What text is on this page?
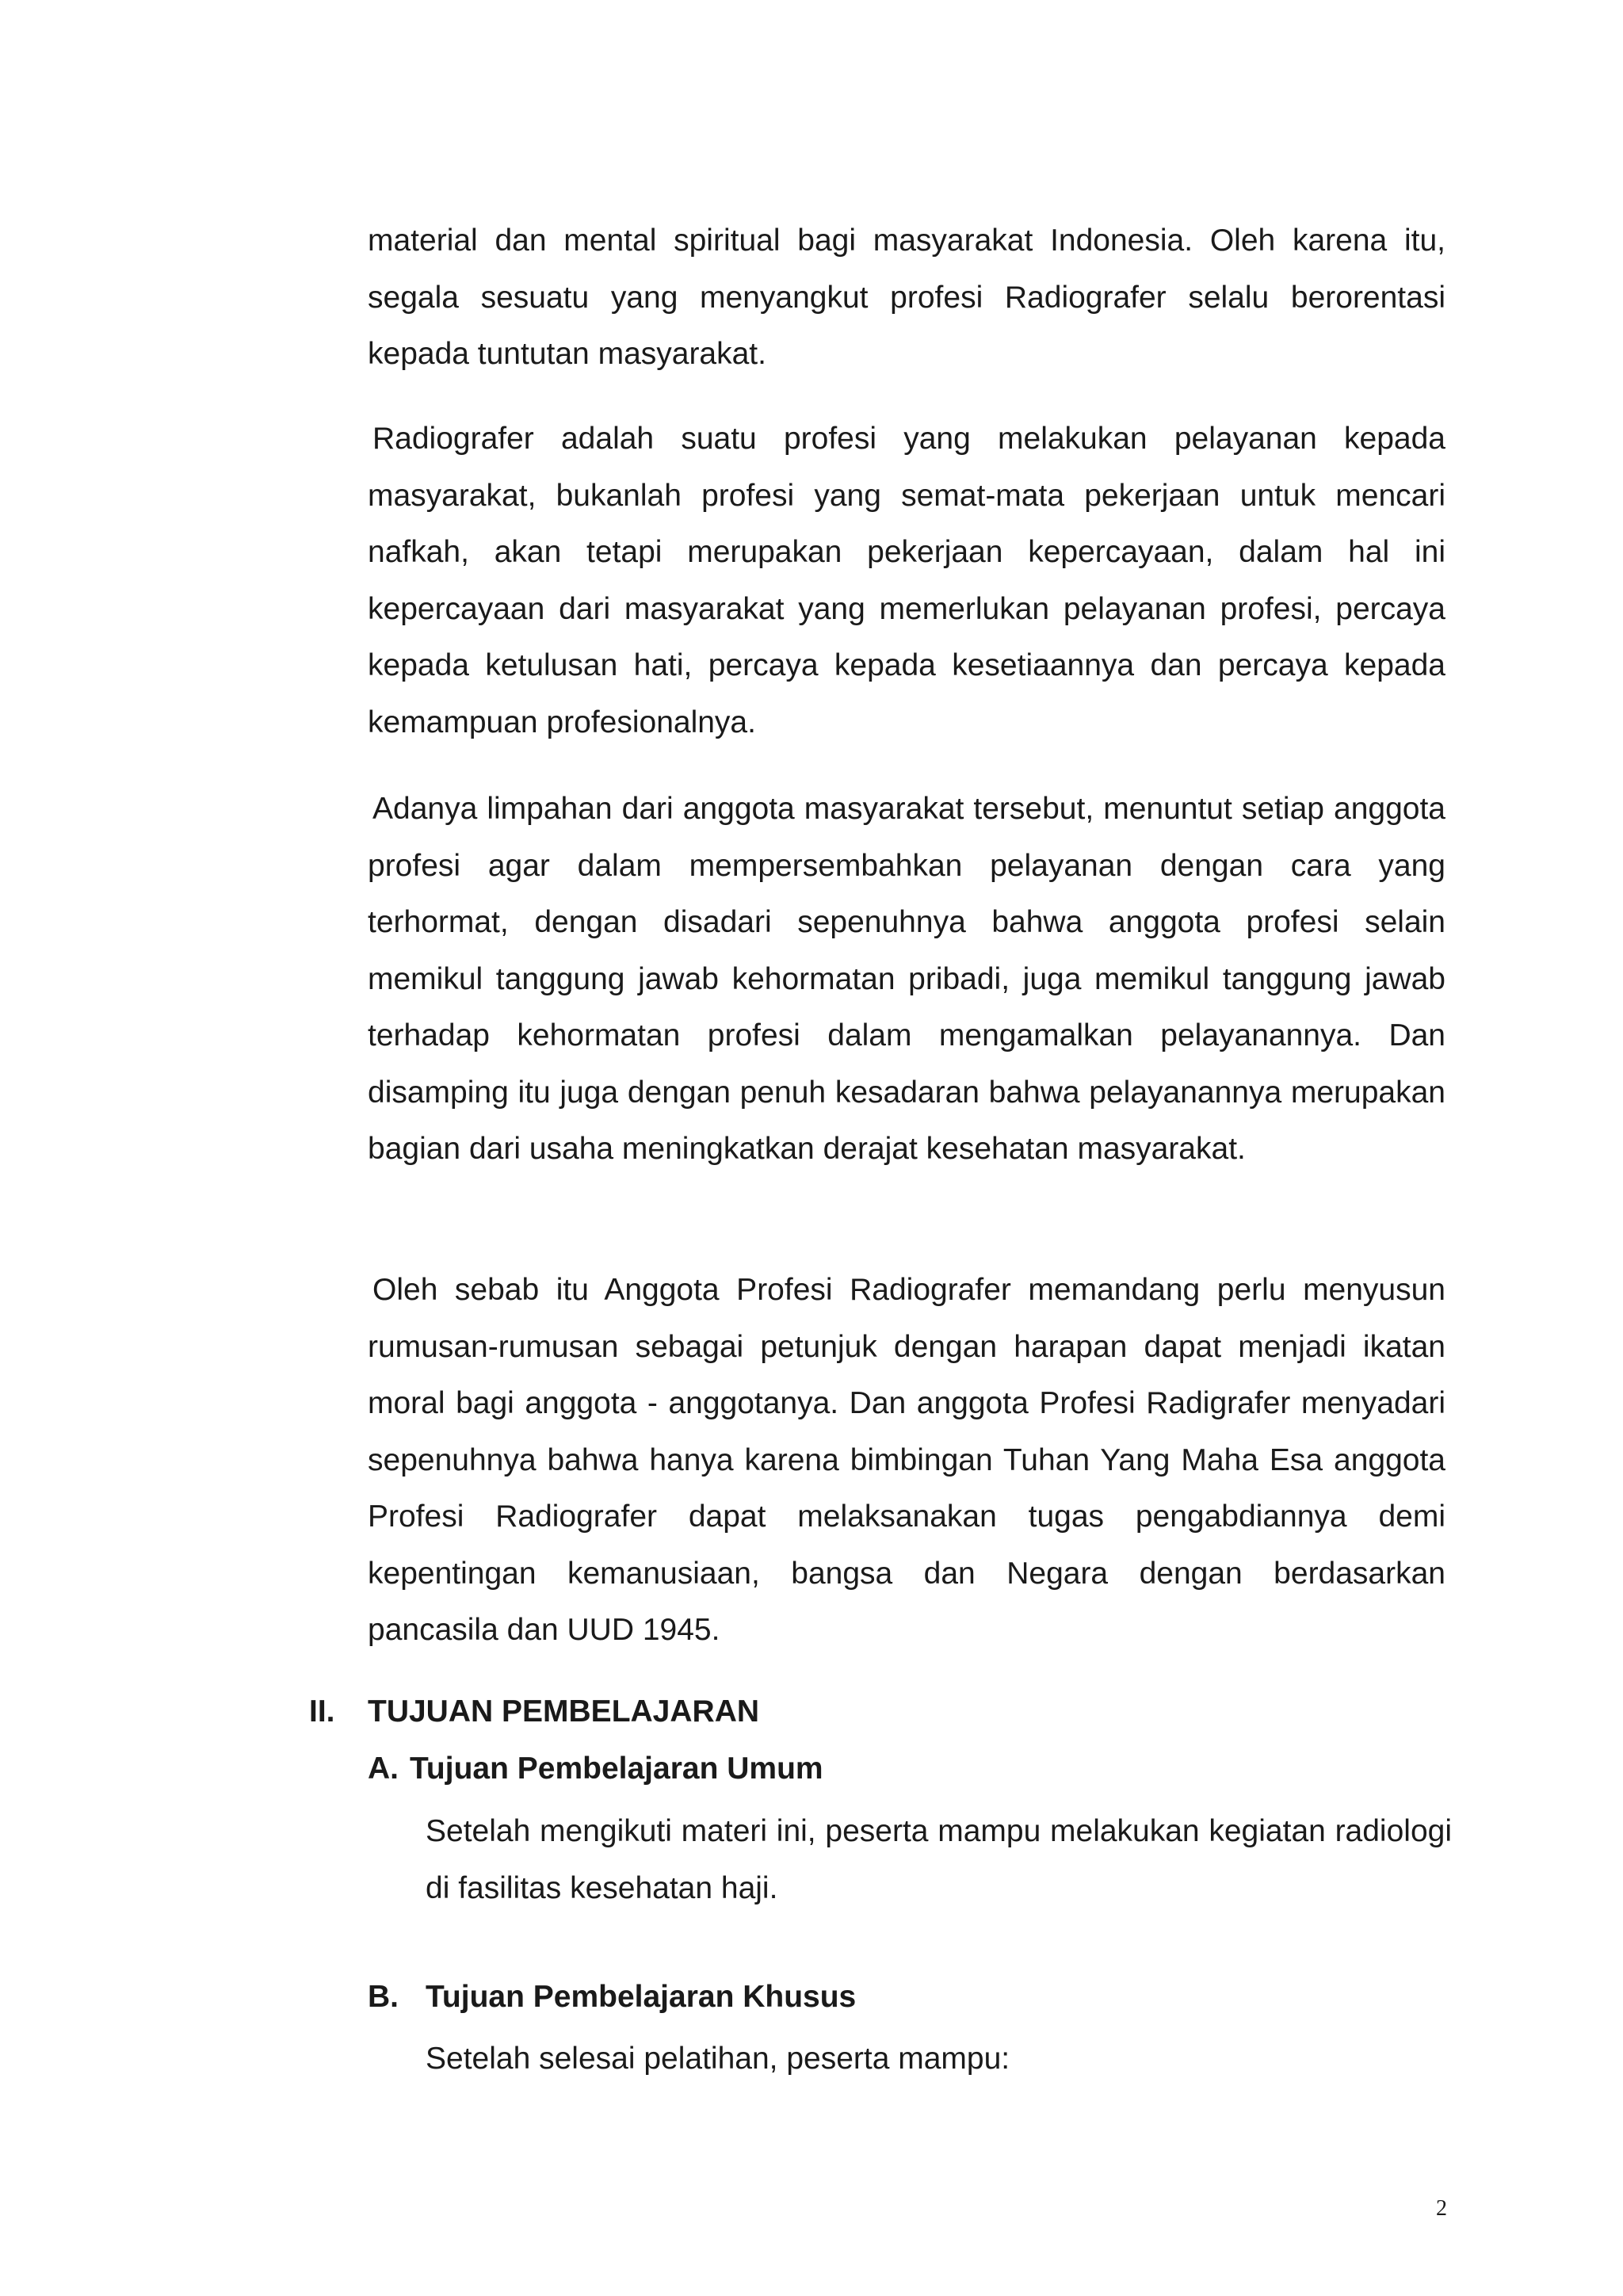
material dan mental spiritual bagi masyarakat Indonesia. Oleh karena itu, segala sesuatu yang menyangkut profesi Radiografer selalu berorentasi kepada tuntutan masyarakat.

Radiografer adalah suatu profesi yang melakukan pelayanan kepada masyarakat, bukanlah profesi yang semat-mata pekerjaan untuk mencari nafkah, akan tetapi merupakan pekerjaan kepercayaan, dalam hal ini kepercayaan dari masyarakat yang memerlukan pelayanan profesi, percaya kepada ketulusan hati, percaya kepada kesetiaannya dan percaya kepada kemampuan profesionalnya.

Adanya limpahan dari anggota masyarakat tersebut, menuntut setiap anggota profesi agar dalam mempersembahkan pelayanan dengan cara yang terhormat, dengan disadari sepenuhnya bahwa anggota profesi selain memikul tanggung jawab kehormatan pribadi, juga memikul tanggung jawab terhadap kehormatan profesi dalam mengamalkan pelayanannya. Dan disamping itu juga dengan penuh kesadaran bahwa pelayanannya merupakan bagian dari usaha meningkatkan derajat kesehatan masyarakat.

Oleh sebab itu Anggota Profesi Radiografer memandang perlu menyusun rumusan-rumusan sebagai petunjuk dengan harapan dapat menjadi ikatan moral bagi anggota - anggotanya. Dan anggota Profesi Radigrafer menyadari sepenuhnya bahwa hanya karena bimbingan Tuhan Yang Maha Esa anggota Profesi Radiografer dapat melaksanakan tugas pengabdiannya demi kepentingan kemanusiaan, bangsa dan Negara dengan berdasarkan pancasila dan UUD 1945.

II. TUJUAN PEMBELAJARAN
A. Tujuan Pembelajaran Umum

Setelah mengikuti materi ini, peserta mampu melakukan kegiatan radiologi di fasilitas kesehatan haji.

B. Tujuan Pembelajaran Khusus

Setelah selesai pelatihan, peserta mampu:

2
